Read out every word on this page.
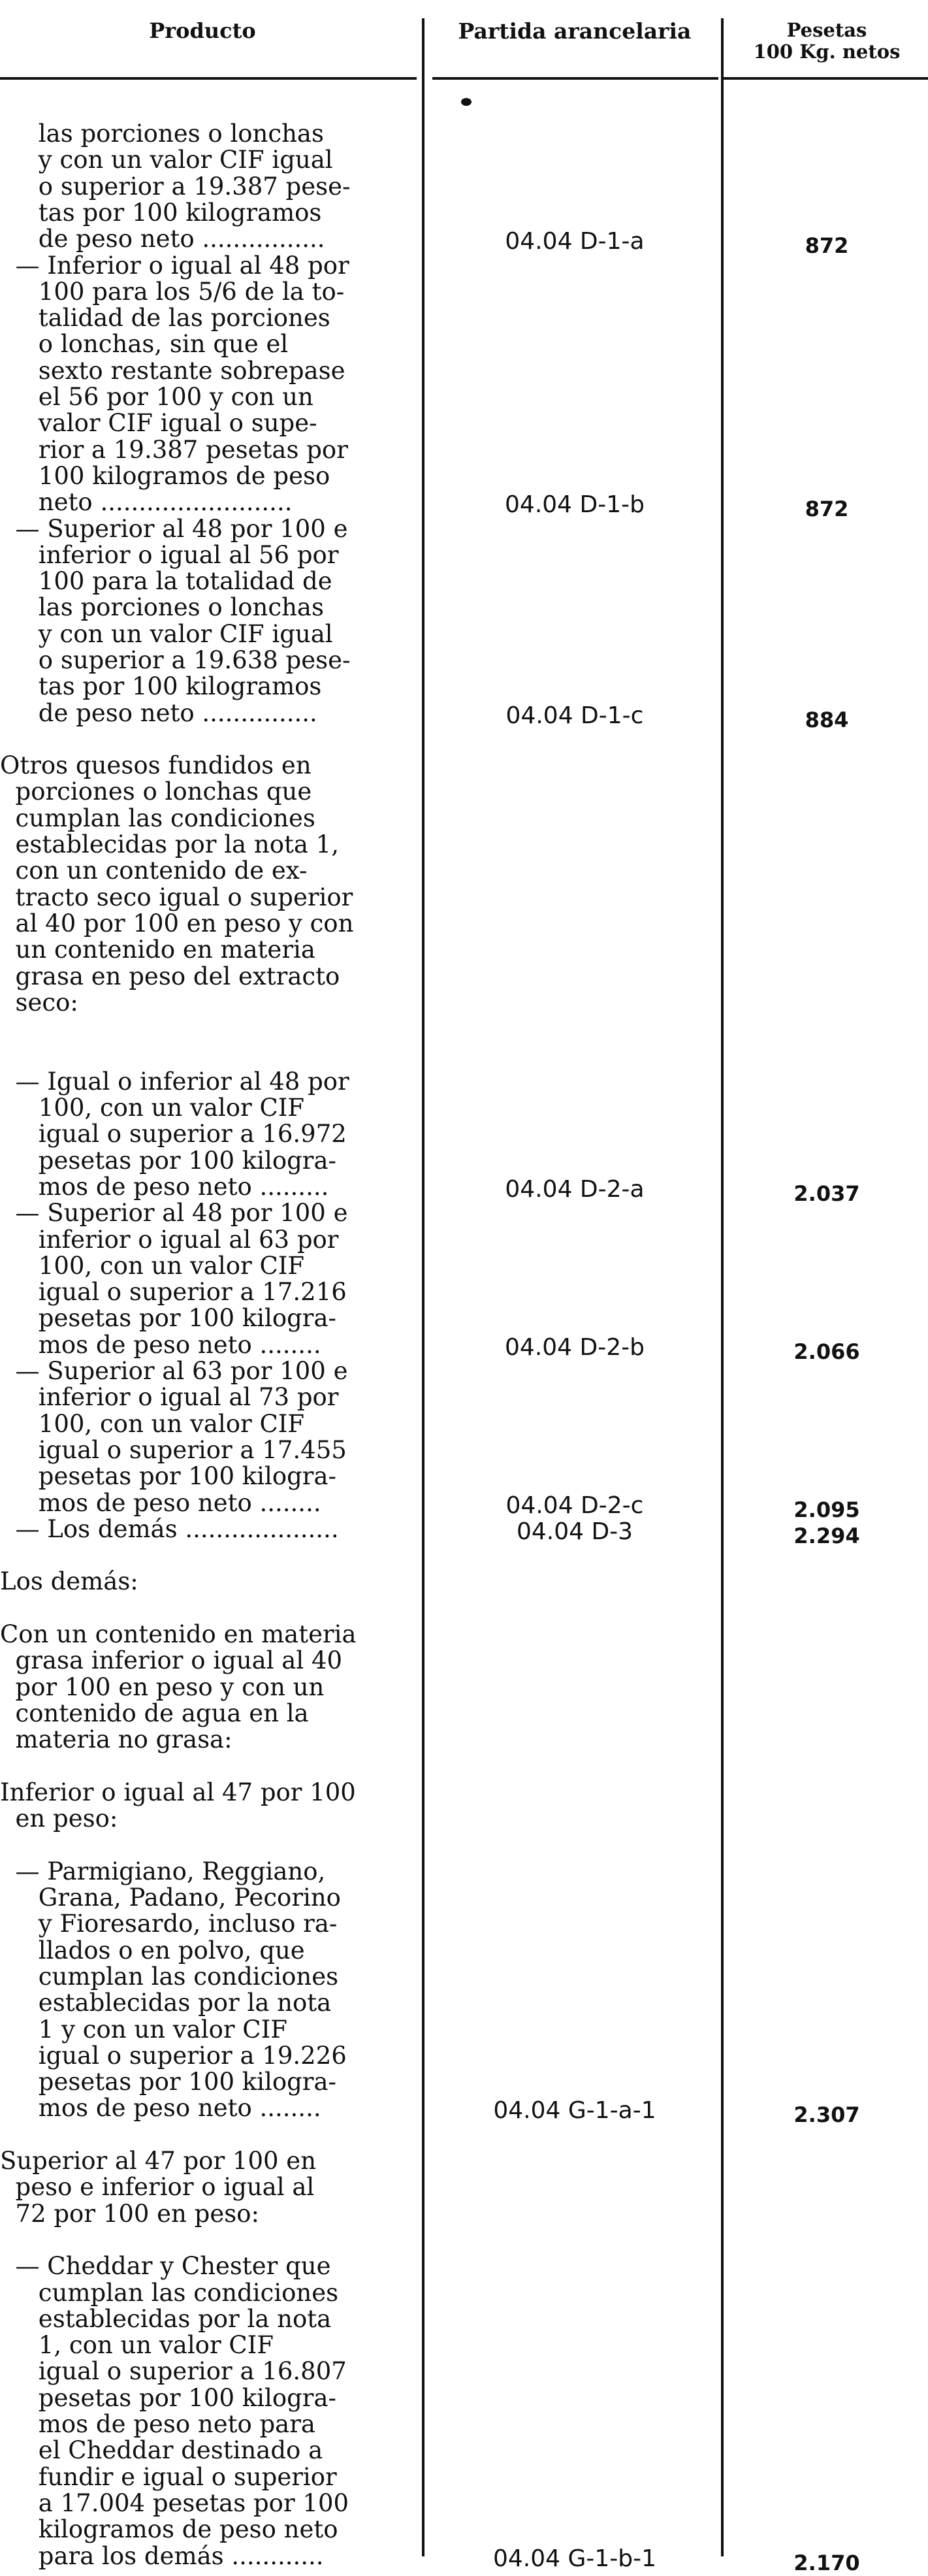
Producto	Partida arancelaria	Pesetas
100 Kg. netos
las porciones o lonchas
y con un valor CIF igual
o superior a 19.387 pese-
tas por 100 kilogramos
de peso neto ................	04.04 D-1-a	872
— Inferior o igual al 48 por
100 para los 5/6 de la to-
talidad de las porciones
o lonchas, sin que el
sexto restante sobrepase
el 56 por 100 y con un
valor CIF igual o supe-
rior a 19.387 pesetas por
100 kilogramos de peso
neto .........................	04.04 D-1-b	872
— Superior al 48 por 100 e
inferior o igual al 56 por
100 para la totalidad de
las porciones o lonchas
y con un valor CIF igual
o superior a 19.638 pese-
tas por 100 kilogramos
de peso neto ...............	04.04 D-1-c	884
Otros quesos fundidos en
porciones o lonchas que
cumplan las condiciones
establecidas por la nota 1,
con un contenido de ex-
tracto seco igual o superior
al 40 por 100 en peso y con
un contenido en materia
grasa en peso del extracto
seco:
— Igual o inferior al 48 por
100, con un valor CIF
igual o superior a 16.972
pesetas por 100 kilogra-
mos de peso neto .........	04.04 D-2-a	2.037
— Superior al 48 por 100 e
inferior o igual al 63 por
100, con un valor CIF
igual o superior a 17.216
pesetas por 100 kilogra-
mos de peso neto ........	04.04 D-2-b	2.066
— Superior al 63 por 100 e
inferior o igual al 73 por
100, con un valor CIF
igual o superior a 17.455
pesetas por 100 kilogra-
mos de peso neto ........	04.04 D-2-c	2.095
— Los demás ....................	04.04 D-3	2.294
Los demás:
Con un contenido en materia
grasa inferior o igual al 40
por 100 en peso y con un
contenido de agua en la
materia no grasa:
Inferior o igual al 47 por 100
en peso:
— Parmigiano, Reggiano,
Grana, Padano, Pecorino
y Fioresardo, incluso ra-
llados o en polvo, que
cumplan las condiciones
establecidas por la nota
1 y con un valor CIF
igual o superior a 19.226
pesetas por 100 kilogra-
mos de peso neto ........	04.04 G-1-a-1	2.307
Superior al 47 por 100 en
peso e inferior o igual al
72 por 100 en peso:
— Cheddar y Chester que
cumplan las condiciones
establecidas por la nota
1, con un valor CIF
igual o superior a 16.807
pesetas por 100 kilogra-
mos de peso neto para
el Cheddar destinado a
fundir e igual o superior
a 17.004 pesetas por 100
kilogramos de peso neto
para los demás ............	04.04 G-1-b-1	2.170
